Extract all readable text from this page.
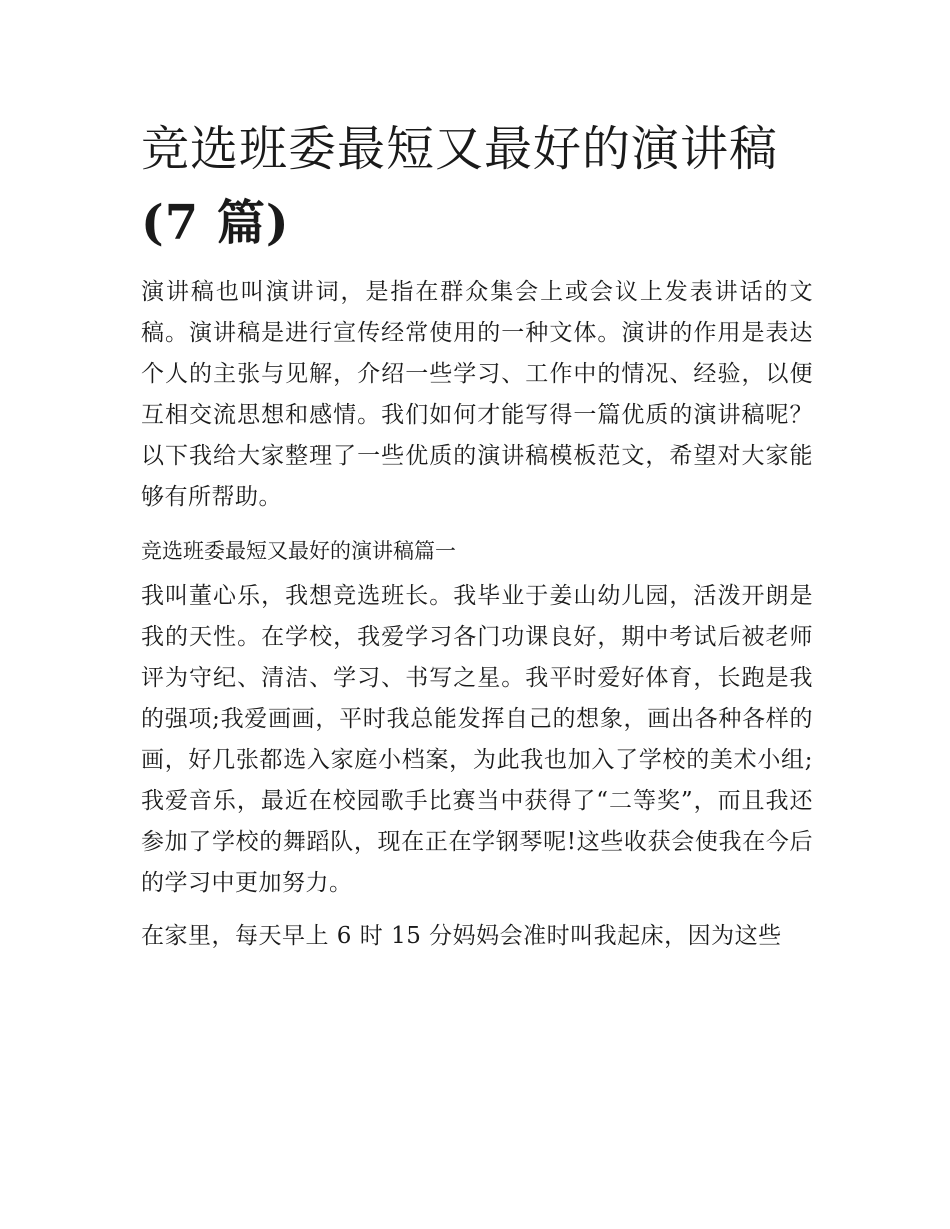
竞选班委最短又最好的演讲稿
(7 篇)

演讲稿也叫演讲词，是指在群众集会上或会议上发表讲话的文稿。演讲稿是进行宣传经常使用的一种文体。演讲的作用是表达个人的主张与见解，介绍一些学习、工作中的情况、经验，以便互相交流思想和感情。我们如何才能写得一篇优质的演讲稿呢？以下我给大家整理了一些优质的演讲稿模板范文，希望对大家能够有所帮助。

竞选班委最短又最好的演讲稿篇一

我叫董心乐，我想竞选班长。我毕业于姜山幼儿园，活泼开朗是我的天性。在学校，我爱学习各门功课良好，期中考试后被老师评为守纪、清洁、学习、书写之星。我平时爱好体育，长跑是我的强项;我爱画画，平时我总能发挥自己的想象，画出各种各样的画，好几张都选入家庭小档案，为此我也加入了学校的美术小组;我爱音乐，最近在校园歌手比赛当中获得了“二等奖”，而且我还参加了学校的舞蹈队，现在正在学钢琴呢!这些收获会使我在今后的学习中更加努力。

在家里，每天早上 6 时 15 分妈妈会准时叫我起床，因为这些
